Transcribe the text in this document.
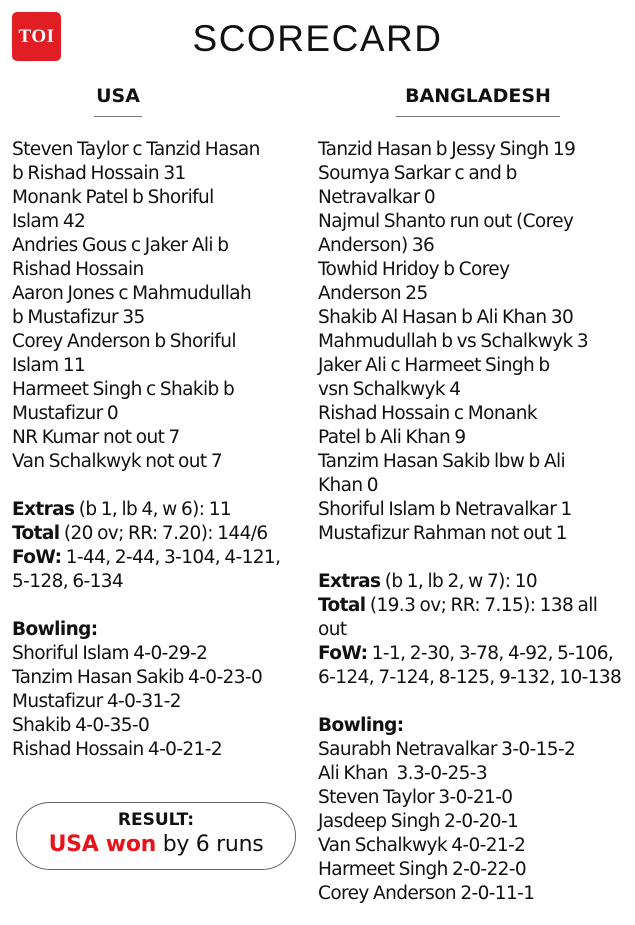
TOI	SCORECARD
USA	BANGLADESH
Steven Taylor c Tanzid Hasan
b Rishad Hossain 31
Monank Patel b Shoriful
Islam 42
Andries Gous c Jaker Ali b
Rishad Hossain
Aaron Jones c Mahmudullah
b Mustafizur 35
Corey Anderson b Shoriful
Islam 11
Harmeet Singh c Shakib b
Mustafizur 0
NR Kumar not out 7
Van Schalkwyk not out 7
Extras (b 1, lb 4, w 6): 11
Total (20 ov; RR: 7.20): 144/6
FoW: 1-44, 2-44, 3-104, 4-121,
5-128, 6-134
Bowling:
Shoriful Islam 4-0-29-2
Tanzim Hasan Sakib 4-0-23-0
Mustafizur 4-0-31-2
Shakib 4-0-35-0
Rishad Hossain 4-0-21-2
Tanzid Hasan b Jessy Singh 19
Soumya Sarkar c and b
Netravalkar 0
Najmul Shanto run out (Corey
Anderson) 36
Towhid Hridoy b Corey
Anderson 25
Shakib Al Hasan b Ali Khan 30
Mahmudullah b vs Schalkwyk 3
Jaker Ali c Harmeet Singh b
vsn Schalkwyk 4
Rishad Hossain c Monank
Patel b Ali Khan 9
Tanzim Hasan Sakib lbw b Ali
Khan 0
Shoriful Islam b Netravalkar 1
Mustafizur Rahman not out 1
Extras (b 1, lb 2, w 7): 10
Total (19.3 ov; RR: 7.15): 138 all
out
FoW: 1-1, 2-30, 3-78, 4-92, 5-106,
6-124, 7-124, 8-125, 9-132, 10-138
Bowling:
Saurabh Netravalkar 3-0-15-2
Ali Khan  3.3-0-25-3
Steven Taylor 3-0-21-0
Jasdeep Singh 2-0-20-1
Van Schalkwyk 4-0-21-2
Harmeet Singh 2-0-22-0
Corey Anderson 2-0-11-1
RESULT:
USA won by 6 runs
